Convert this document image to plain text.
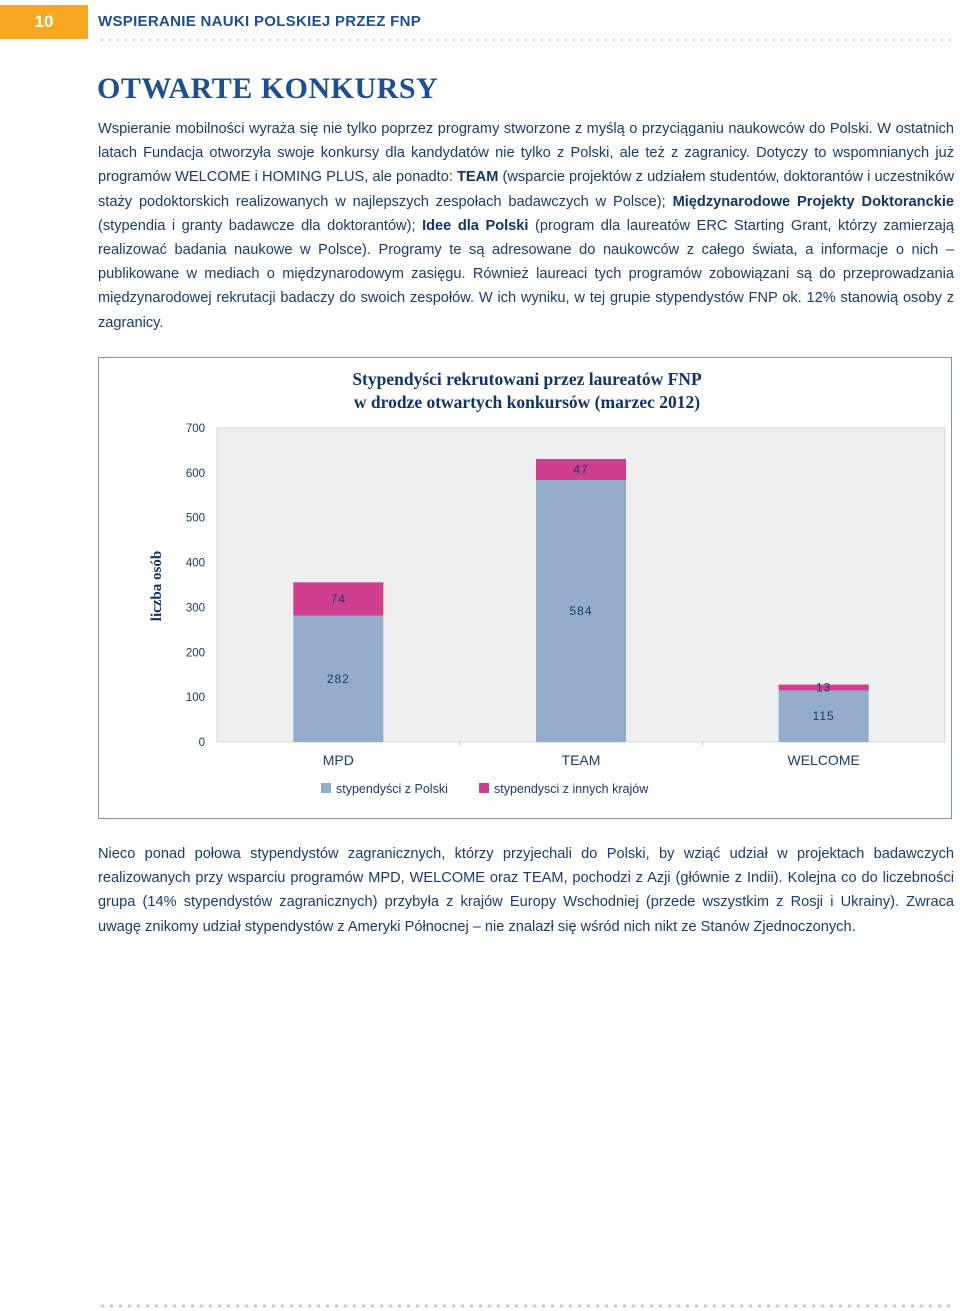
10	WSPIERANIE NAUKI POLSKIEJ PRZEZ FNP
OTWARTE KONKURSY

Wspieranie mobilności wyraża się nie tylko poprzez programy stworzone z myślą o przyciąganiu naukowców do Polski. W ostatnich latach Fundacja otworzyła swoje konkursy dla kandydatów nie tylko z Polski, ale też z zagranicy. Dotyczy to wspomnianych już programów WELCOME i HOMING PLUS, ale ponadto: TEAM (wsparcie projektów z udziałem studentów, doktorantów i uczestników staży podoktorskich realizowanych w najlepszych zespołach badawczych w Polsce); Międzynarodowe Projekty Doktoranckie (stypendia i granty badawcze dla doktorantów); Idee dla Polski (program dla laureatów ERC Starting Grant, którzy zamierzają realizować badania naukowe w Polsce). Programy te są adresowane do naukowców z całego świata, a informacje o nich – publikowane w mediach o międzynarodowym zasięgu. Również laureaci tych programów zobowiązani są do przeprowadzania międzynarodowej rekrutacji badaczy do swoich zespołów. W ich wyniku, w tej grupie stypendystów FNP ok. 12% stanowią osoby z zagranicy.

Stypendyści rekrutowani przez laureatów FNP
w drodze otwartych konkursów (marzec 2012)
0
100
200
300
400
500
600
700
liczba osób
282
74
MPD
584
47
TEAM
115
13
WELCOME
stypendyści z Polski	stypendysci z innych krajów

Nieco ponad połowa stypendystów zagranicznych, którzy przyjechali do Polski, by wziąć udział w projektach badawczych realizowanych przy wsparciu programów MPD, WELCOME oraz TEAM, pochodzi z Azji (głównie z Indii). Kolejna co do liczebności grupa (14% stypendystów zagranicznych) przybyła z krajów Europy Wschodniej (przede wszystkim z Rosji i Ukrainy). Zwraca uwagę znikomy udział stypendystów z Ameryki Północnej – nie znalazł się wśród nich nikt ze Stanów Zjednoczonych.
